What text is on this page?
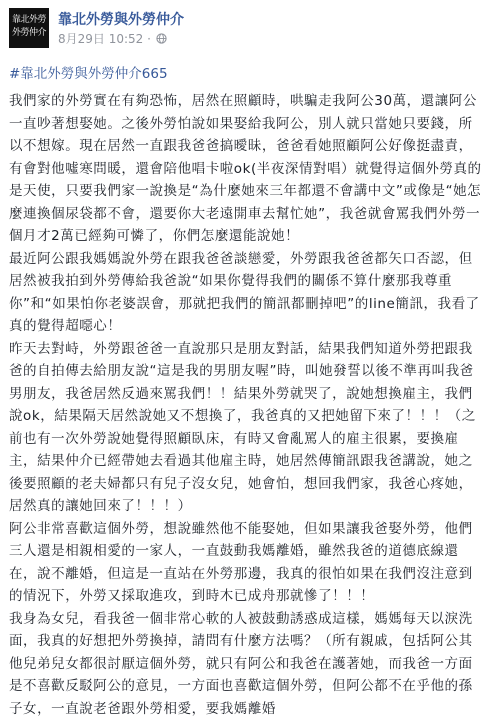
靠北外勞
外勞仲介
靠北外勞與外勞仲介
8月29日 10:52 ·
#靠北外勞與外勞仲介665

我們家的外勞實在有夠恐怖，居然在照顧時，哄騙走我阿公30萬，還讓阿公一直吵著想娶她。之後外勞怕說如果娶給我阿公，別人就只當她只要錢，所以不想嫁。現在居然一直跟我爸爸搞曖昧，爸爸看她照顧阿公好像挺盡責，有會對他噓寒問暖，還會陪他唱卡啦ok(半夜深情對唱）就覺得這個外勞真的是天使，只要我們家一說換是“為什麼她來三年都還不會講中文”或像是“她怎麼連換個尿袋都不會，還要你大老遠開車去幫忙她”，我爸就會罵我們外勞一個月才2萬已經夠可憐了，你們怎麼還能說她！

最近阿公跟我媽媽說外勞在跟我爸爸談戀愛，外勞跟我爸爸都矢口否認，但居然被我拍到外勞傳給我爸說“如果你覺得我們的關係不算什麼那我尊重你”和“如果怕你老婆誤會，那就把我們的簡訊都刪掉吧”的line簡訊，我看了真的覺得超噁心！

昨天去對峙，外勞跟爸爸一直說那只是朋友對話，結果我們知道外勞把跟我爸的自拍傳去給朋友說“這是我的男朋友喔”時，叫她發誓以後不準再叫我爸男朋友，我爸居然反過來罵我們！！結果外勞就哭了，說她想換雇主，我們說ok，結果隔天居然說她又不想換了，我爸真的又把她留下來了！！！（之前也有一次外勞說她覺得照顧臥床，有時又會亂罵人的雇主很累，要換雇主，結果仲介已經帶她去看過其他雇主時，她居然傳簡訊跟我爸講說，她之後要照顧的老夫婦都只有兒子沒女兒，她會怕，想回我們家，我爸心疼她，居然真的讓她回來了！！！）

阿公非常喜歡這個外勞，想說雖然他不能娶她，但如果讓我爸娶外勞，他們三人還是相親相愛的一家人，一直鼓動我媽離婚，雖然我爸的道德底線還在，說不離婚，但這是一直站在外勞那邊，我真的很怕如果在我們沒注意到的情況下，外勞又採取進攻，到時木已成舟那就慘了！！！

我身為女兒，看我爸一個非常心軟的人被鼓動誘惑成這樣，媽媽每天以淚洗面，我真的好想把外勞換掉，請問有什麼方法嗎？（所有親戚，包括阿公其他兒弟兒女都很討厭這個外勞，就只有阿公和我爸在護著她，而我爸一方面是不喜歡反駁阿公的意見，一方面也喜歡這個外勞，但阿公都不在乎他的孫子女，一直說老爸跟外勞相愛，要我媽離婚
